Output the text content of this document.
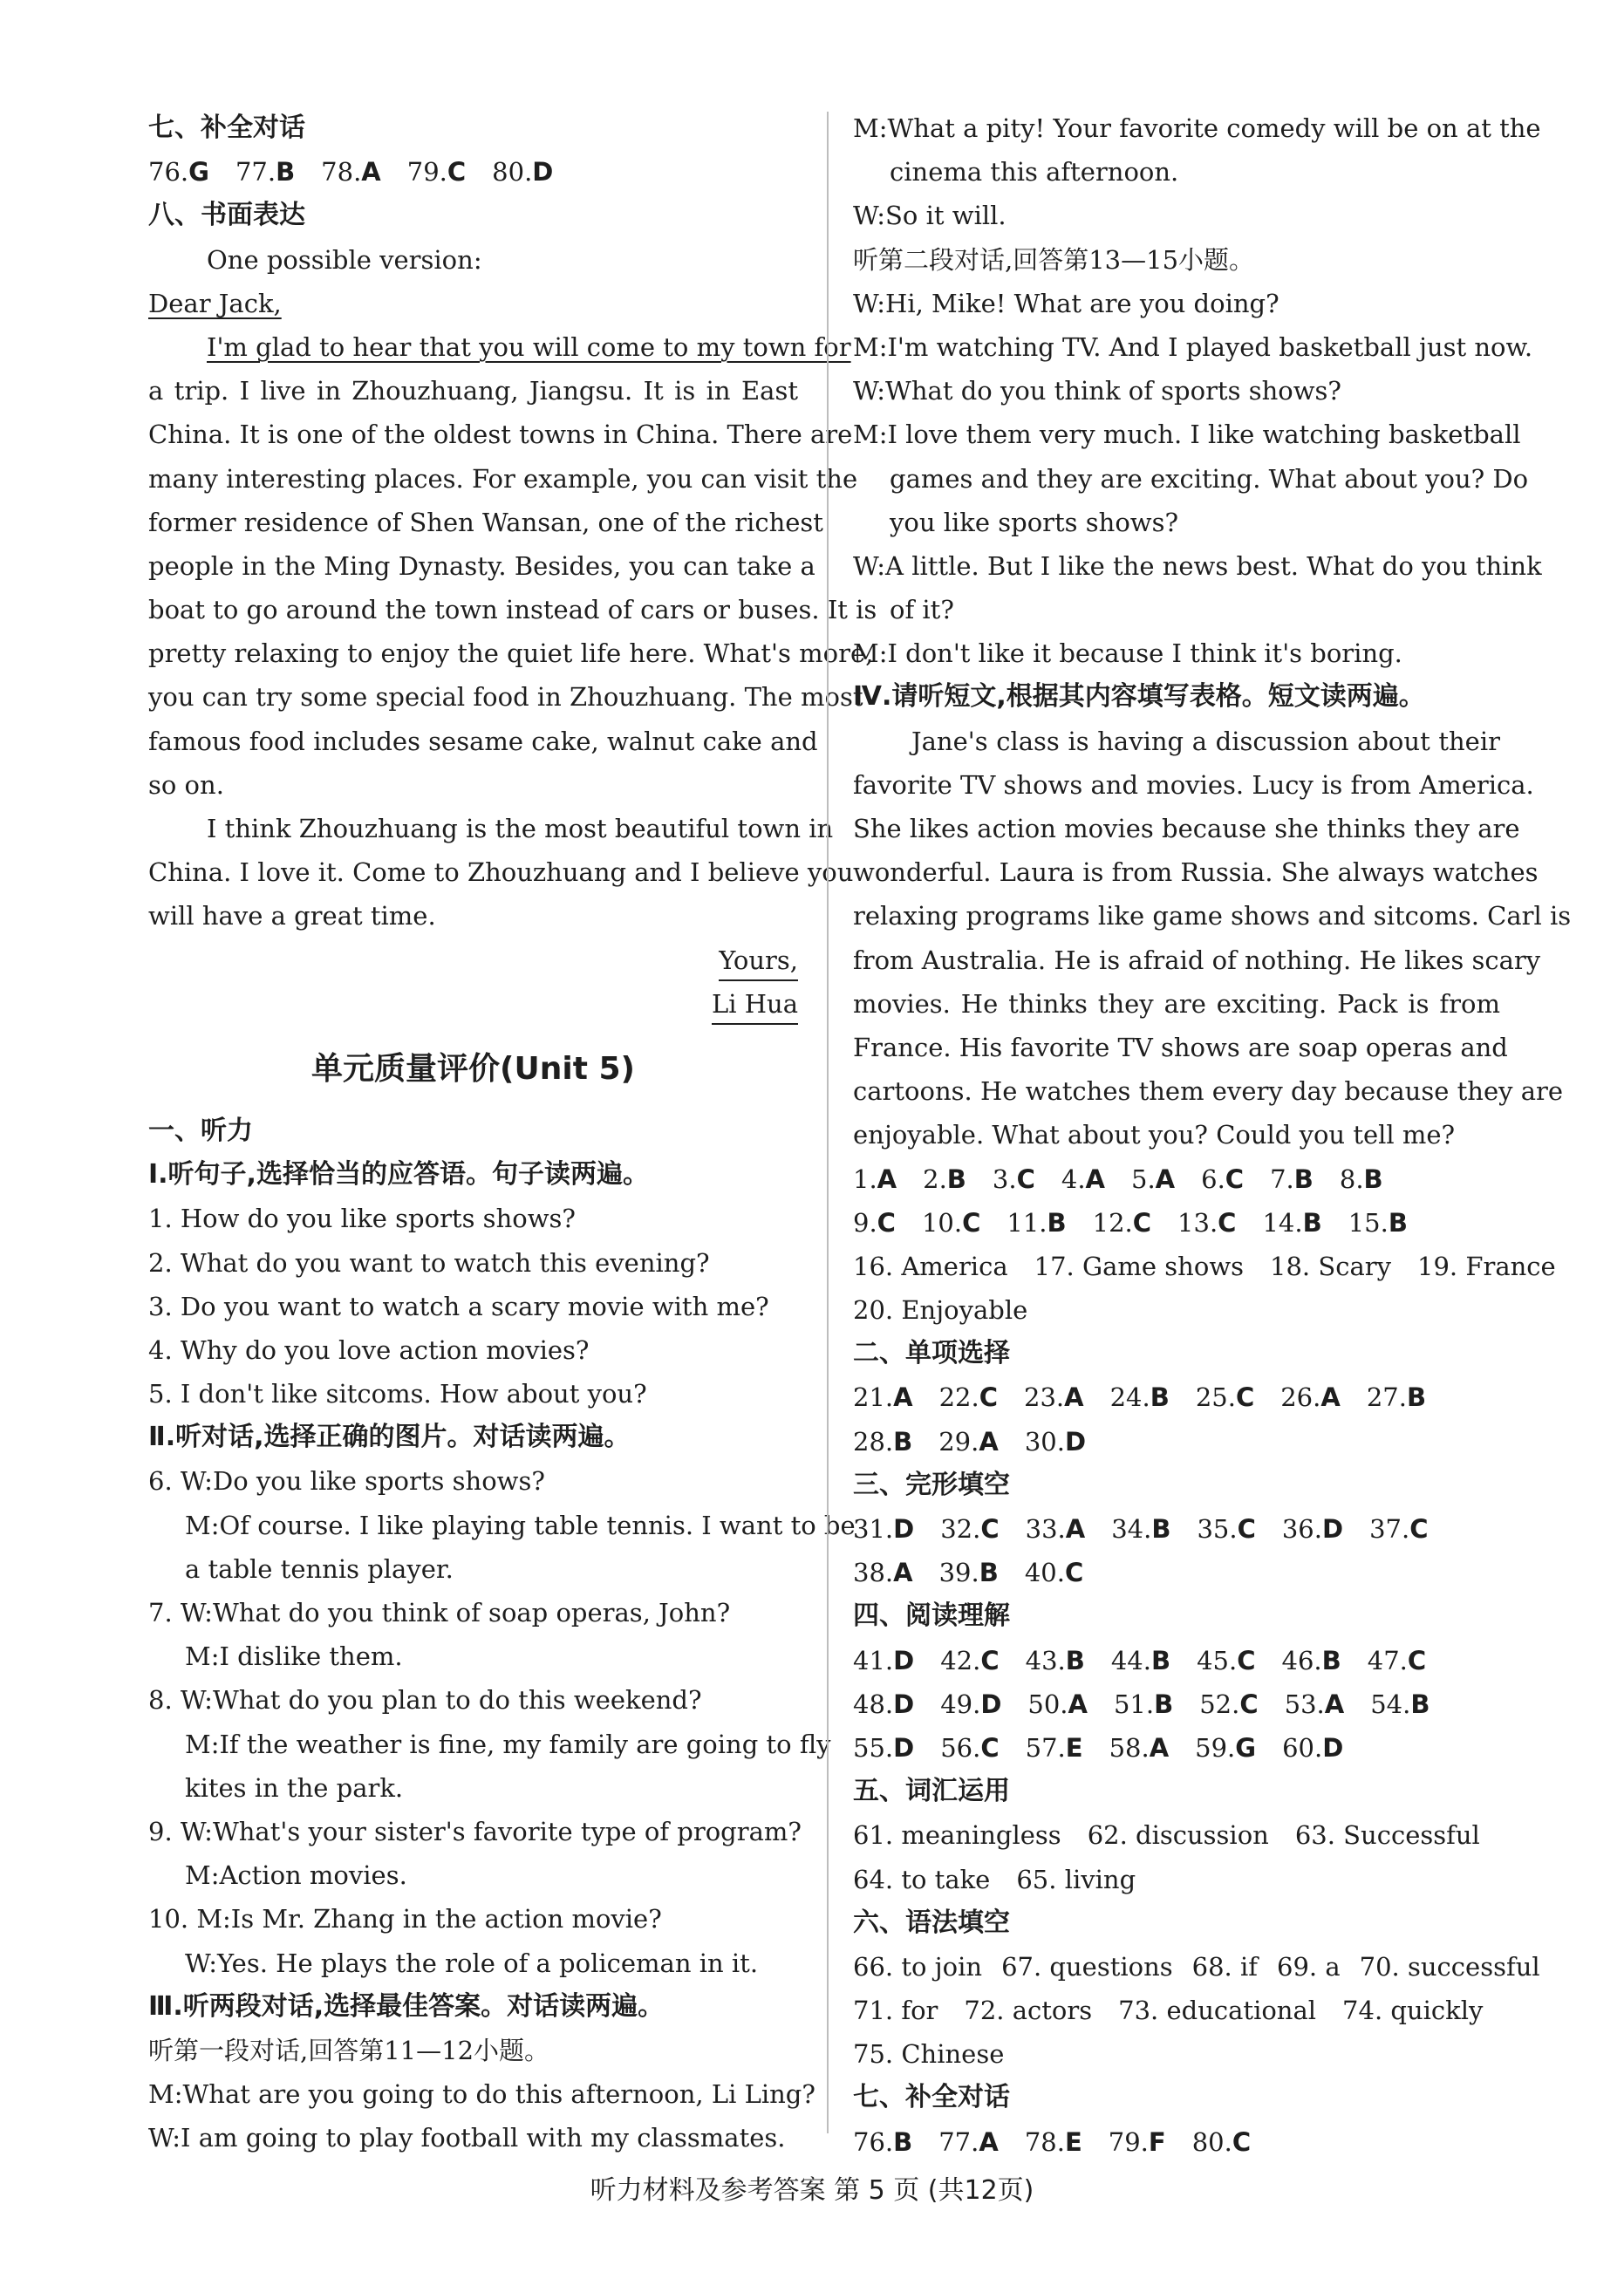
七、补全对话
76.G 77.B 78.A 79.C 80.D
八、书面表达
One possible version:
Dear Jack,
I'm glad to hear that you will come to my town for
a trip. I live in Zhouzhuang, Jiangsu. It is in East
China. It is one of the oldest towns in China. There are
many interesting places. For example, you can visit the
former residence of Shen Wansan, one of the richest
people in the Ming Dynasty. Besides, you can take a
boat to go around the town instead of cars or buses. It is
pretty relaxing to enjoy the quiet life here. What's more,
you can try some special food in Zhouzhuang. The most
famous food includes sesame cake, walnut cake and
so on.
I think Zhouzhuang is the most beautiful town in
China. I love it. Come to Zhouzhuang and I believe you
will have a great time.
Yours,
Li Hua
单元质量评价(Unit 5)
一、听力
Ⅰ.听句子,选择恰当的应答语。句子读两遍。
1. How do you like sports shows?
2. What do you want to watch this evening?
3. Do you want to watch a scary movie with me?
4. Why do you love action movies?
5. I don't like sitcoms. How about you?
Ⅱ.听对话,选择正确的图片。对话读两遍。
6. W:Do you like sports shows?
M:Of course. I like playing table tennis. I want to be
a table tennis player.
7. W:What do you think of soap operas, John?
M:I dislike them.
8. W:What do you plan to do this weekend?
M:If the weather is fine, my family are going to fly
kites in the park.
9. W:What's your sister's favorite type of program?
M:Action movies.
10. M:Is Mr. Zhang in the action movie?
W:Yes. He plays the role of a policeman in it.
Ⅲ.听两段对话,选择最佳答案。对话读两遍。
听第一段对话,回答第11—12小题。
M:What are you going to do this afternoon, Li Ling?
W:I am going to play football with my classmates.
M:What a pity! Your favorite comedy will be on at the
cinema this afternoon.
W:So it will.
听第二段对话,回答第13—15小题。
W:Hi, Mike! What are you doing?
M:I'm watching TV. And I played basketball just now.
W:What do you think of sports shows?
M:I love them very much. I like watching basketball
games and they are exciting. What about you? Do
you like sports shows?
W:A little. But I like the news best. What do you think
of it?
M:I don't like it because I think it's boring.
Ⅳ.请听短文,根据其内容填写表格。短文读两遍。
Jane's class is having a discussion about their
favorite TV shows and movies. Lucy is from America.
She likes action movies because she thinks they are
wonderful. Laura is from Russia. She always watches
relaxing programs like game shows and sitcoms. Carl is
from Australia. He is afraid of nothing. He likes scary
movies. He thinks they are exciting. Pack is from
France. His favorite TV shows are soap operas and
cartoons. He watches them every day because they are
enjoyable. What about you? Could you tell me?
1.A 2.B 3.C 4.A 5.A 6.C 7.B 8.B
9.C 10.C 11.B 12.C 13.C 14.B 15.B
16. America 17. Game shows 18. Scary 19. France
20. Enjoyable
二、单项选择
21.A 22.C 23.A 24.B 25.C 26.A 27.B
28.B 29.A 30.D
三、完形填空
31.D 32.C 33.A 34.B 35.C 36.D 37.C
38.A 39.B 40.C
四、阅读理解
41.D 42.C 43.B 44.B 45.C 46.B 47.C
48.D 49.D 50.A 51.B 52.C 53.A 54.B
55.D 56.C 57.E 58.A 59.G 60.D
五、词汇运用
61. meaningless 62. discussion 63. Successful
64. to take 65. living
六、语法填空
66. to join 67. questions 68. if 69. a 70. successful
71. for 72. actors 73. educational 74. quickly
75. Chinese
七、补全对话
76.B 77.A 78.E 79.F 80.C
听力材料及参考答案 第 5 页 (共12页)
